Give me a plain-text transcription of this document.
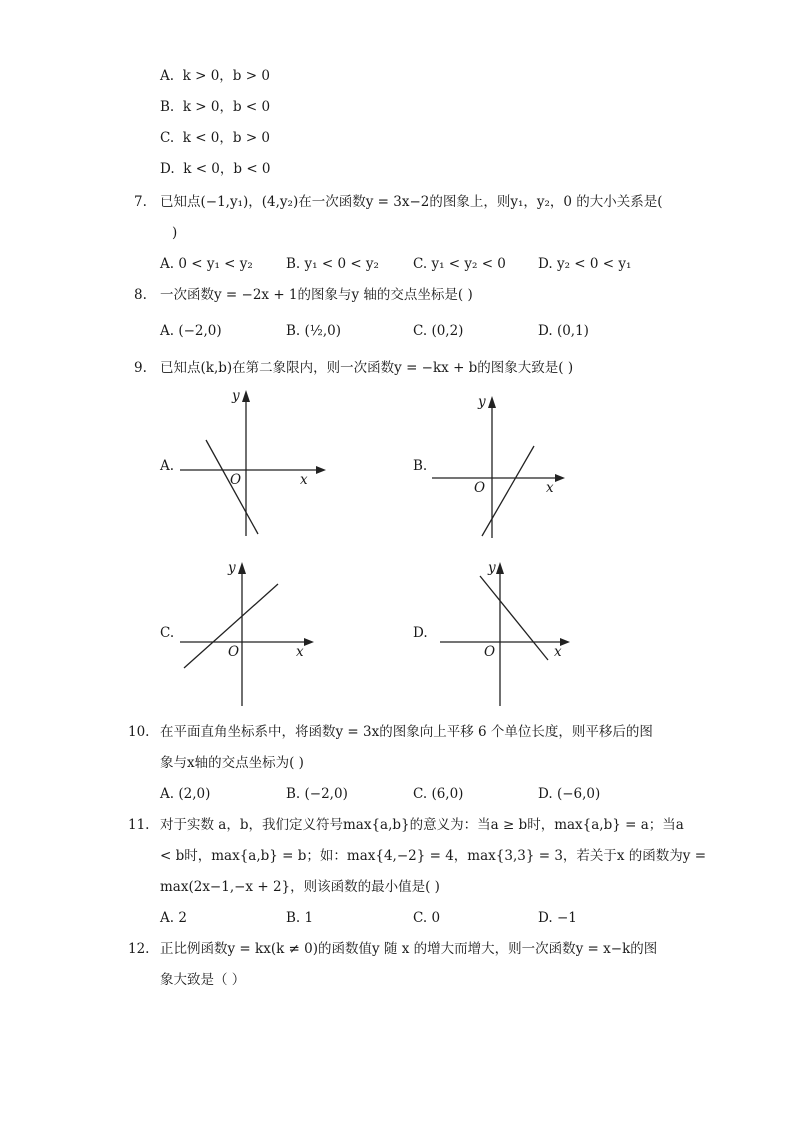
A. k > 0，b > 0
B. k > 0，b < 0
C. k < 0，b > 0
D. k < 0，b < 0
7. 已知点(−1,y₁)，(4,y₂)在一次函数y = 3x−2的图象上，则y₁，y₂，0 的大小关系是(
)
A. 0 < y₁ < y₂ B. y₁ < 0 < y₂	C. y₁ < y₂ < 0 D. y₂ < 0 < y₁
8. 一次函数y = −2x + 1的图象与y 轴的交点坐标是( )
A. (−2,0)	B. (½,0)	C. (0,2)	D. (0,1)
9. 已知点(k,b)在第二象限内，则一次函数y = −kx + b的图象大致是( )
A.
y
x
O
B.
y
x
O
C.
y
x
O
D.
y
x
O
10. 在平面直角坐标系中，将函数y = 3x的图象向上平移 6 个单位长度，则平移后的图
象与x轴的交点坐标为( )
A. (2,0)	B. (−2,0)	C. (6,0)	D. (−6,0)
11. 对于实数 a，b，我们定义符号max{a,b}的意义为：当a ≥ b时，max{a,b} = a；当a
< b时，max{a,b} = b；如：max{4,−2} = 4，max{3,3} = 3，若关于x 的函数为y =
max(2x−1,−x + 2}，则该函数的最小值是( )
A. 2	B. 1	C. 0	D. −1
12. 正比例函数y = kx(k ≠ 0)的函数值y 随 x 的增大而增大，则一次函数y = x−k的图
象大致是（ ）
